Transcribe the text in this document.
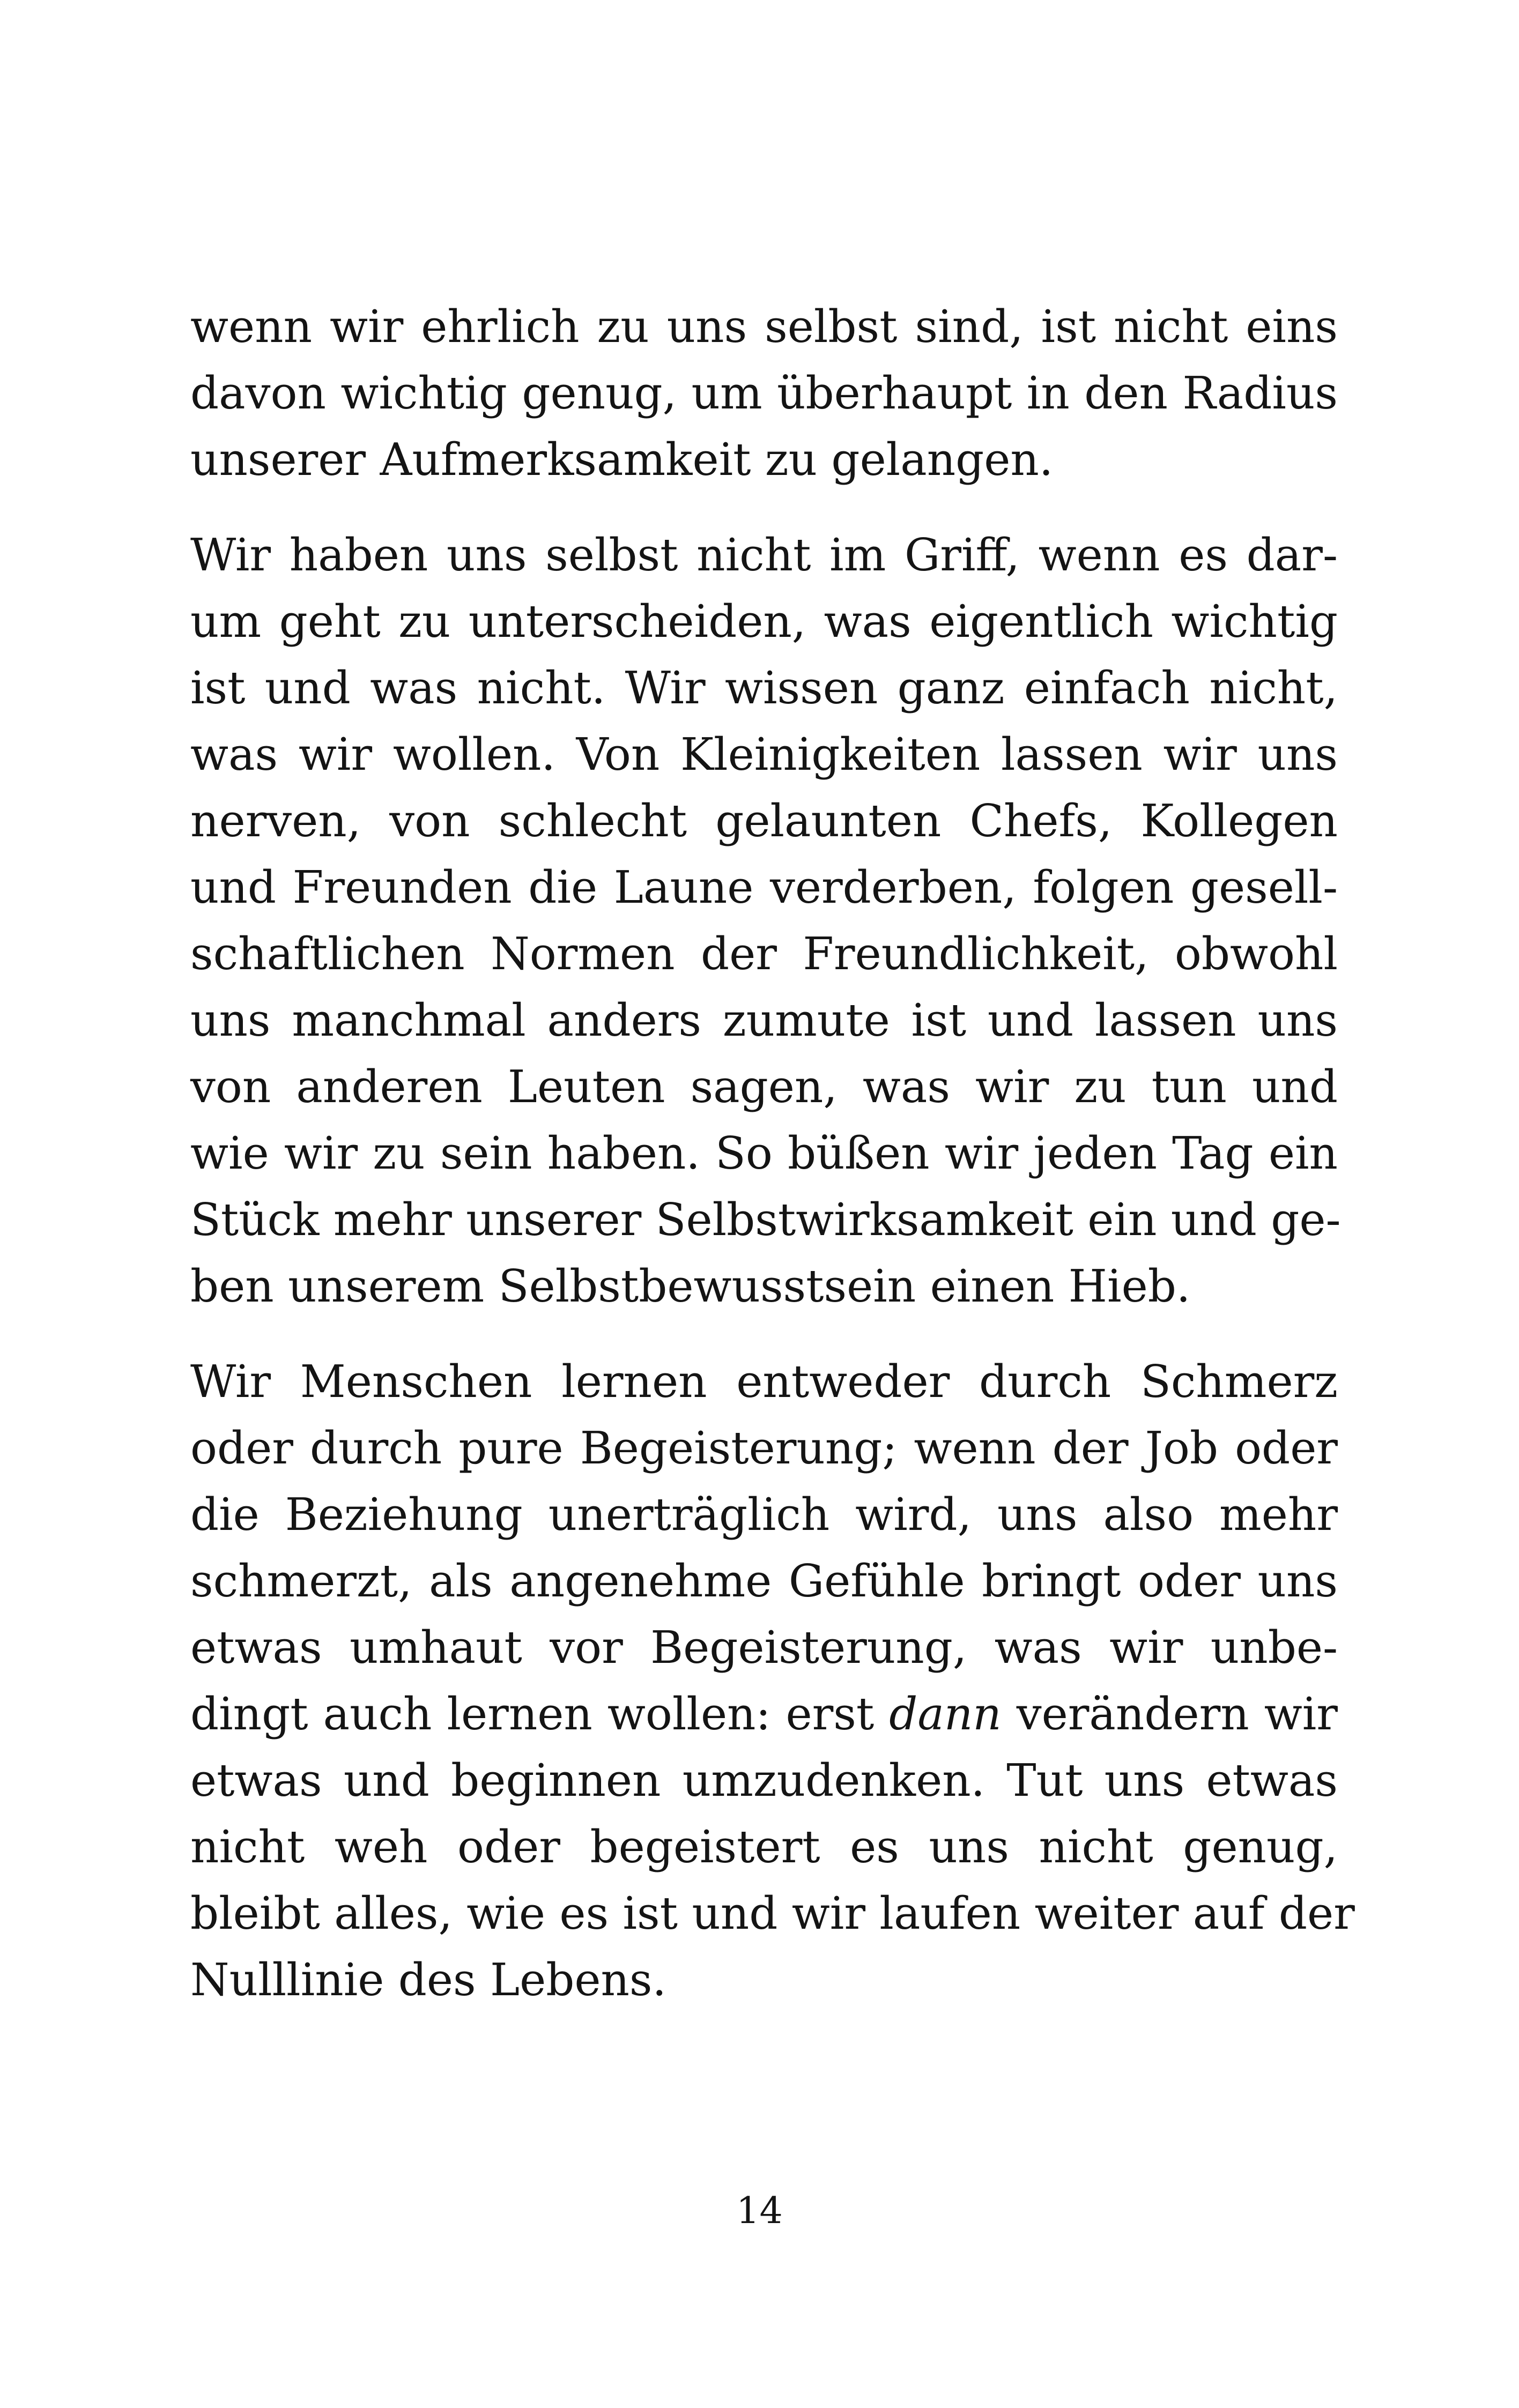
wenn wir ehrlich zu uns selbst sind, ist nicht eins
davon wichtig genug, um überhaupt in den Radius
unserer Aufmerksamkeit zu gelangen.

Wir haben uns selbst nicht im Griff, wenn es dar-
um geht zu unterscheiden, was eigentlich wichtig
ist und was nicht. Wir wissen ganz einfach nicht,
was wir wollen. Von Kleinigkeiten lassen wir uns
nerven, von schlecht gelaunten Chefs, Kollegen
und Freunden die Laune verderben, folgen gesell-
schaftlichen Normen der Freundlichkeit, obwohl
uns manchmal anders zumute ist und lassen uns
von anderen Leuten sagen, was wir zu tun und
wie wir zu sein haben. So büßen wir jeden Tag ein
Stück mehr unserer Selbstwirksamkeit ein und ge-
ben unserem Selbstbewusstsein einen Hieb.

Wir Menschen lernen entweder durch Schmerz
oder durch pure Begeisterung; wenn der Job oder
die Beziehung unerträglich wird, uns also mehr
schmerzt, als angenehme Gefühle bringt oder uns
etwas umhaut vor Begeisterung, was wir unbe-
dingt auch lernen wollen: erst dann verändern wir
etwas und beginnen umzudenken. Tut uns etwas
nicht weh oder begeistert es uns nicht genug,
bleibt alles, wie es ist und wir laufen weiter auf der
Nulllinie des Lebens.

14
